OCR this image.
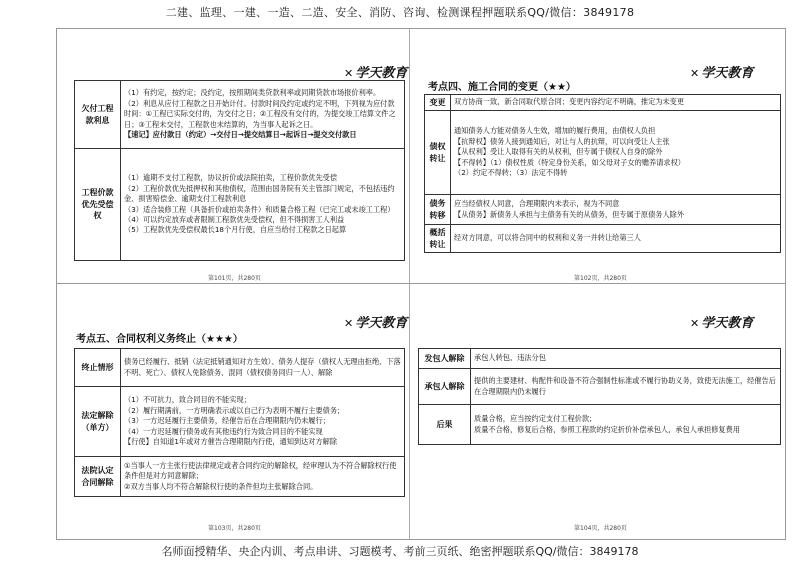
二建、监理、一建、一造、二造、安全、消防、咨询、检测课程押题联系QQ/微信：3849178
✕ 学天教育
欠付工程款利息	（1）有约定，按约定；没约定，按照期间类贷款利率或同期贷款市场报价利率。
（2）利息从应付工程款之日开始计付。付款时间没约定或约定不明，下列视为应付款时间：①工程已实际交付的，为交付之日；②工程没有交付的，为提交竣工结算文件之日；③工程未交付，工程款也未结算的，为当事人起诉之日。
【速记】应付款日（约定）→交付日→提交结算日→起诉日→提交交付款日

工程价款优先受偿权	（1）逾期不支付工程款，协议折价或法院拍卖，工程价款优先受偿
（2）工程价款优先抵押权和其他债权，范围由国务院有关主管部门规定，不包括违约金、损害赔偿金、逾期支付工程款利息
（3）适合装修工程（具备折价或拍卖条件）和质量合格工程（已完工或未竣工工程）
（4）可以约定放弃或者限制工程款优先受偿权，但不得损害工人利益
（5）工程款优先受偿权最长18个月行使，自应当给付工程款之日起算
第101页，共280页
✕ 学天教育
考点四、施工合同的变更（★★）
变更	双方协商一致，新合同取代原合同；变更内容约定不明确，推定为未变更

债权转让	通知债务人方能对债务人生效，增加的履行费用，由债权人负担
【抗辩权】债务人接到通知后，对让与人的抗辩，可以向受让人主张
【从权利】受让人取得有关的从权利，但专属于债权人自身的除外
【不得转】（1）债权性质（特定身份关系，如父母对子女的赡养请求权）
（2）约定不得转；（3）法定不得转

债务转移	应当经债权人同意，合理期限内未表示，视为不同意
【从债务】新债务人承担与主债务有关的从债务，但专属于原债务人除外

概括转让	经对方同意，可以将合同中的权利和义务一并转让给第三人
第102页，共280页
✕ 学天教育
考点五、合同权利义务终止（★★★）
终止情形	债务已经履行、抵销（法定抵销通知对方生效）、债务人提存（债权人无理由拒绝、下落不明、死亡）、债权人免除债务、混同（债权债务同归一人）、解除

法定解除（单方）	（1）不可抗力，致合同目的不能实现；
（2）履行期满前，一方明确表示或以自己行为表明不履行主要债务；
（3）一方迟延履行主要债务，经催告后在合理期限内仍未履行；
（4）一方迟延履行债务或有其他违约行为致合同目的不能实现
【行使】自知道1年或对方催告合理期限内行使，通知到达对方解除

法院认定合同解除	①当事人一方主张行使法律规定或者合同约定的解除权，经审理认为不符合解除权行使条件但是对方同意解除；
②双方当事人均不符合解除权行使的条件但均主张解除合同。
第103页，共280页
✕ 学天教育
发包人解除	承包人转包、违法分包

承包人解除	提供的主要建材、构配件和设备不符合强制性标准或不履行协助义务，致使无法施工，经催告后在合理期限内仍未履行

后果	质量合格，应当按约定支付工程价款；
质量不合格，修复后合格，参照工程款的约定折价补偿承包人，承包人承担修复费用
第104页，共280页
名师面授精华、央企内训、考点串讲、习题模考、考前三页纸、绝密押题联系QQ/微信：3849178
